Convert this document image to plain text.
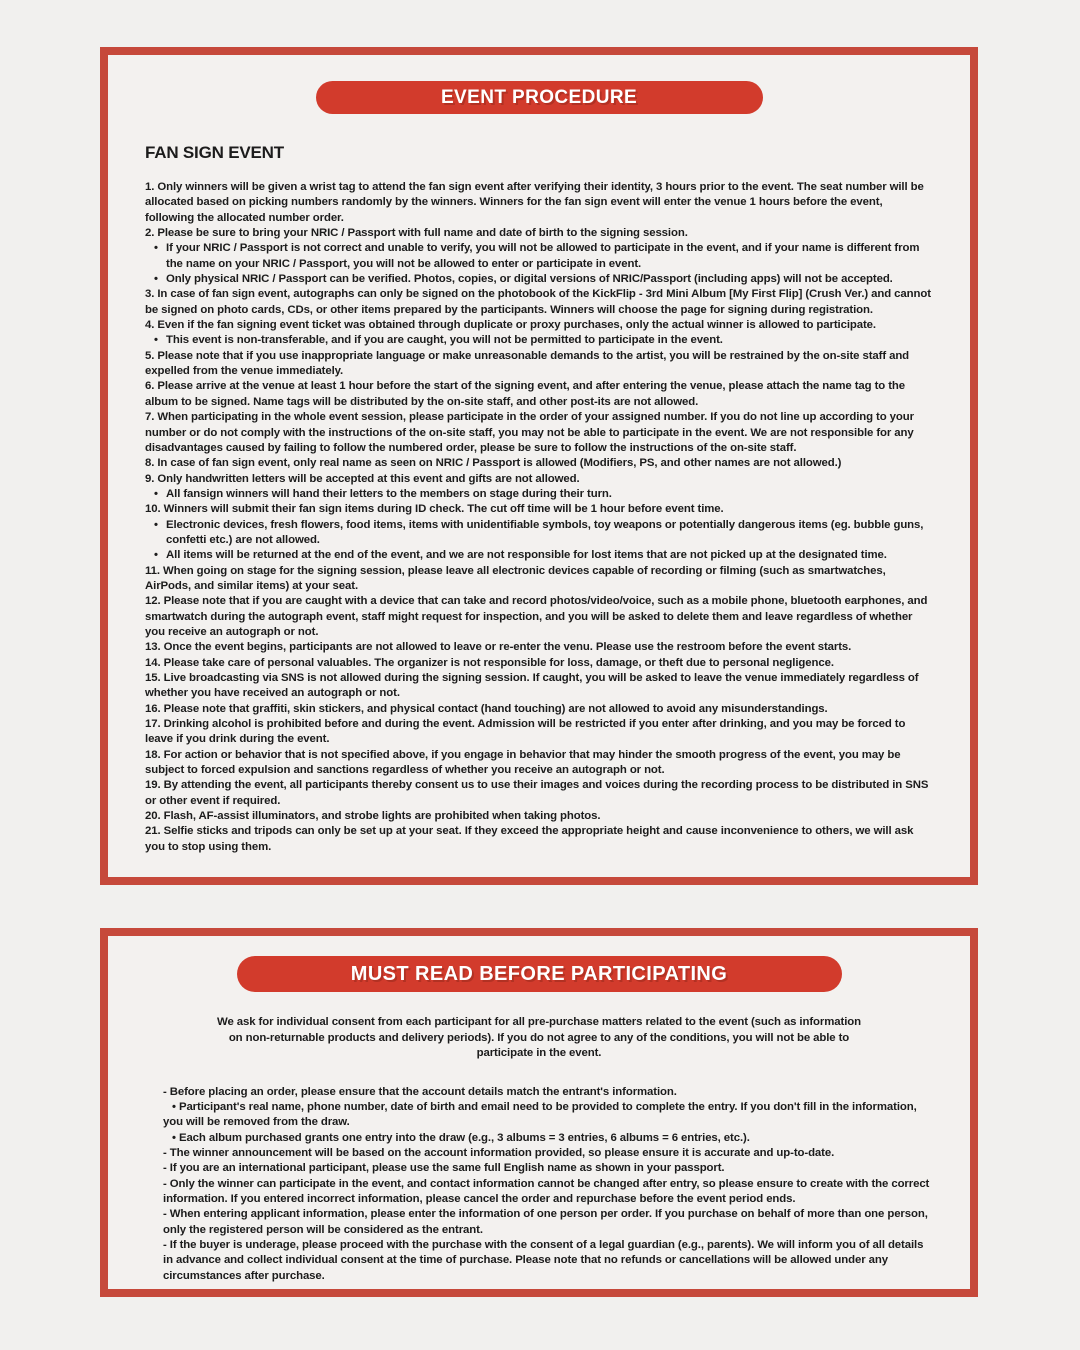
EVENT PROCEDURE
FAN SIGN EVENT

1. Only winners will be given a wrist tag to attend the fan sign event after verifying their identity, 3 hours prior to the event. The seat number will be allocated based on picking numbers randomly by the winners. Winners for the fan sign event will enter the venue 1 hours before the event, following the allocated number order.

2. Please be sure to bring your NRIC / Passport with full name and date of birth to the signing session.

• If your NRIC / Passport is not correct and unable to verify, you will not be allowed to participate in the event, and if your name is different from the name on your NRIC / Passport, you will not be allowed to enter or participate in event.

• Only physical NRIC / Passport can be verified. Photos, copies, or digital versions of NRIC/Passport (including apps) will not be accepted.

3. In case of fan sign event, autographs can only be signed on the photobook of the KickFlip - 3rd Mini Album [My First Flip] (Crush Ver.) and cannot be signed on photo cards, CDs, or other items prepared by the participants. Winners will choose the page for signing during registration.

4. Even if the fan signing event ticket was obtained through duplicate or proxy purchases, only the actual winner is allowed to participate.

• This event is non-transferable, and if you are caught, you will not be permitted to participate in the event.

5. Please note that if you use inappropriate language or make unreasonable demands to the artist, you will be restrained by the on-site staff and expelled from the venue immediately.

6. Please arrive at the venue at least 1 hour before the start of the signing event, and after entering the venue, please attach the name tag to the album to be signed. Name tags will be distributed by the on-site staff, and other post-its are not allowed.

7. When participating in the whole event session, please participate in the order of your assigned number. If you do not line up according to your number or do not comply with the instructions of the on-site staff, you may not be able to participate in the event. We are not responsible for any disadvantages caused by failing to follow the numbered order, please be sure to follow the instructions of the on-site staff.

8. In case of fan sign event, only real name as seen on NRIC / Passport is allowed (Modifiers, PS, and other names are not allowed.)

9. Only handwritten letters will be accepted at this event and gifts are not allowed.

• All fansign winners will hand their letters to the members on stage during their turn.

10. Winners will submit their fan sign items during ID check. The cut off time will be 1 hour before event time.

• Electronic devices, fresh flowers, food items, items with unidentifiable symbols, toy weapons or potentially dangerous items (eg. bubble guns, confetti etc.) are not allowed.

• All items will be returned at the end of the event, and we are not responsible for lost items that are not picked up at the designated time.

11. When going on stage for the signing session, please leave all electronic devices capable of recording or filming (such as smartwatches, AirPods, and similar items) at your seat.

12. Please note that if you are caught with a device that can take and record photos/video/voice, such as a mobile phone, bluetooth earphones, and smartwatch during the autograph event, staff might request for inspection, and you will be asked to delete them and leave regardless of whether you receive an autograph or not.

13. Once the event begins, participants are not allowed to leave or re-enter the venu. Please use the restroom before the event starts.

14. Please take care of personal valuables. The organizer is not responsible for loss, damage, or theft due to personal negligence.

15. Live broadcasting via SNS is not allowed during the signing session. If caught, you will be asked to leave the venue immediately regardless of whether you have received an autograph or not.

16. Please note that graffiti, skin stickers, and physical contact (hand touching) are not allowed to avoid any misunderstandings.

17. Drinking alcohol is prohibited before and during the event. Admission will be restricted if you enter after drinking, and you may be forced to leave if you drink during the event.

18. For action or behavior that is not specified above, if you engage in behavior that may hinder the smooth progress of the event, you may be subject to forced expulsion and sanctions regardless of whether you receive an autograph or not.

19. By attending the event, all participants thereby consent us to use their images and voices during the recording process to be distributed in SNS or other event if required.

20. Flash, AF-assist illuminators, and strobe lights are prohibited when taking photos.

21. Selfie sticks and tripods can only be set up at your seat. If they exceed the appropriate height and cause inconvenience to others, we will ask you to stop using them.

MUST READ BEFORE PARTICIPATING

We ask for individual consent from each participant for all pre-purchase matters related to the event (such as information on non-returnable products and delivery periods). If you do not agree to any of the conditions, you will not be able to participate in the event.

- Before placing an order, please ensure that the account details match the entrant's information.

• Participant's real name, phone number, date of birth and email need to be provided to complete the entry. If you don't fill in the information, you will be removed from the draw.

• Each album purchased grants one entry into the draw (e.g., 3 albums = 3 entries, 6 albums = 6 entries, etc.).

- The winner announcement will be based on the account information provided, so please ensure it is accurate and up-to-date.

- If you are an international participant, please use the same full English name as shown in your passport.

- Only the winner can participate in the event, and contact information cannot be changed after entry, so please ensure to create with the correct information. If you entered incorrect information, please cancel the order and repurchase before the event period ends.

- When entering applicant information, please enter the information of one person per order. If you purchase on behalf of more than one person, only the registered person will be considered as the entrant.

- If the buyer is underage, please proceed with the purchase with the consent of a legal guardian (e.g., parents). We will inform you of all details in advance and collect individual consent at the time of purchase. Please note that no refunds or cancellations will be allowed under any circumstances after purchase.
